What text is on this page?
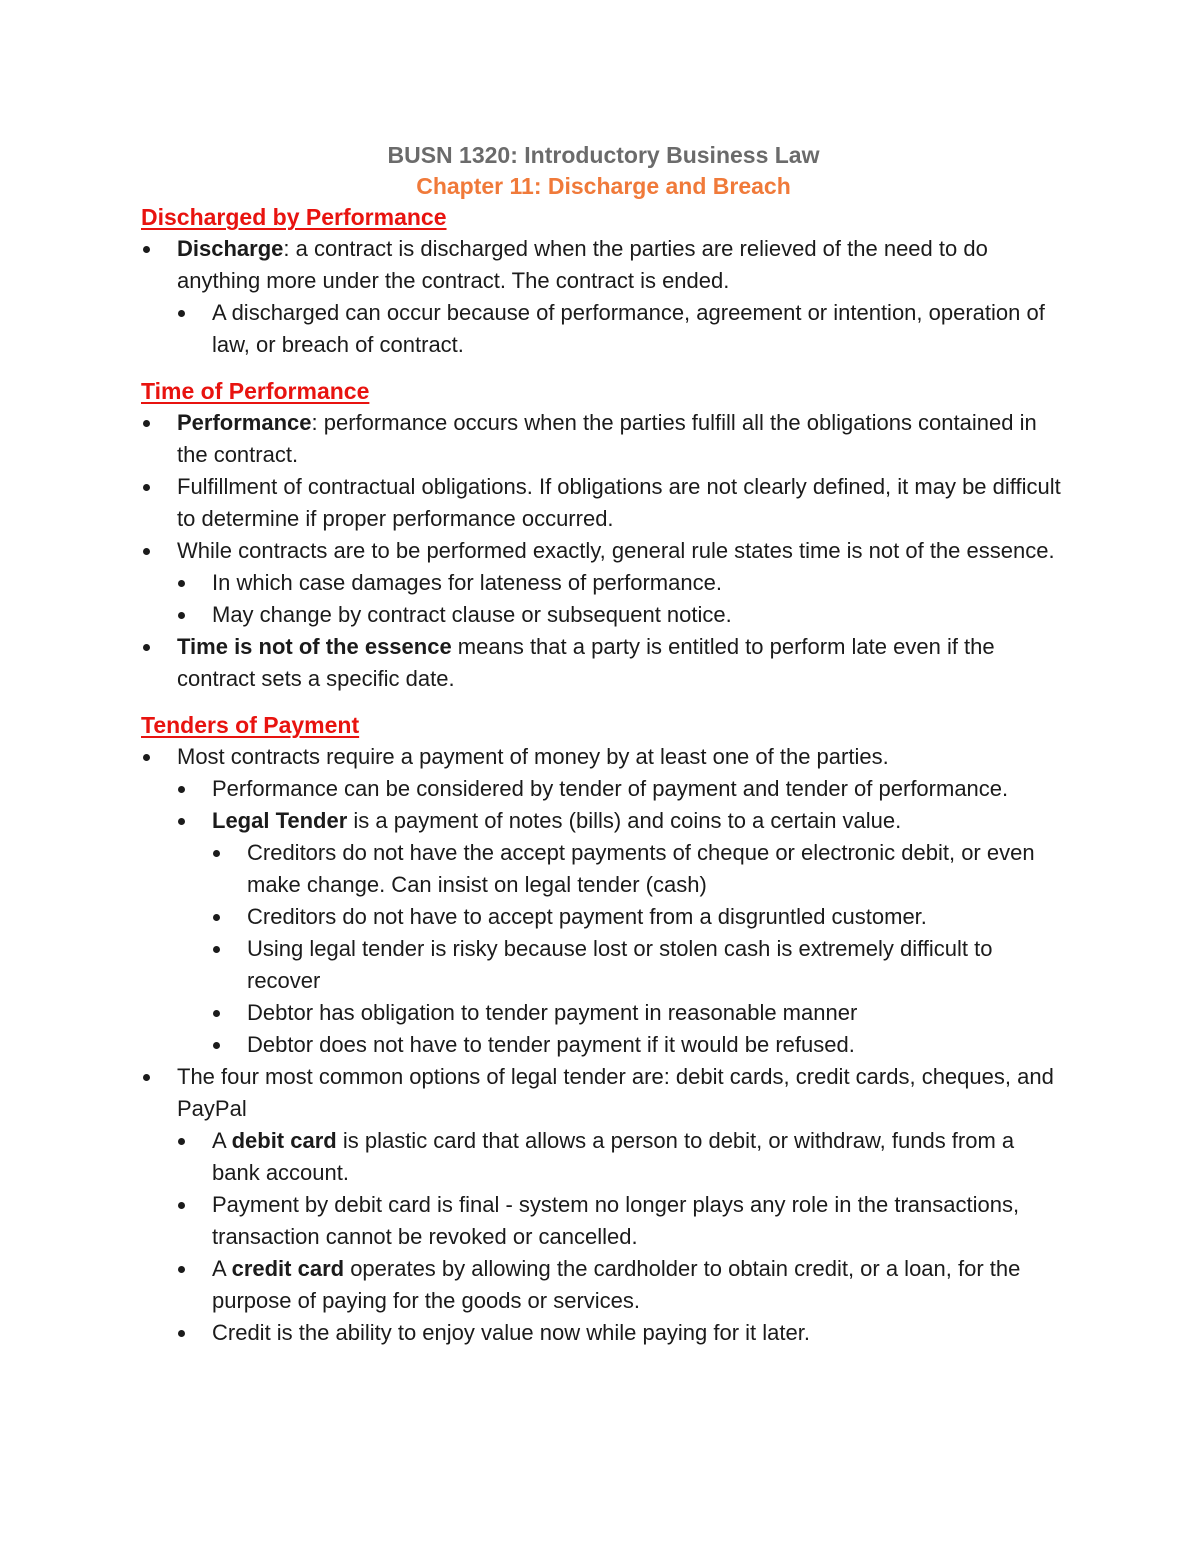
BUSN 1320: Introductory Business Law
Chapter 11: Discharge and Breach
Discharged by Performance
Discharge: a contract is discharged when the parties are relieved of the need to do anything more under the contract. The contract is ended.
A discharged can occur because of performance, agreement or intention, operation of law, or breach of contract.
Time of Performance
Performance: performance occurs when the parties fulfill all the obligations contained in the contract.
Fulfillment of contractual obligations. If obligations are not clearly defined, it may be difficult to determine if proper performance occurred.
While contracts are to be performed exactly, general rule states time is not of the essence.
In which case damages for lateness of performance.
May change by contract clause or subsequent notice.
Time is not of the essence means that a party is entitled to perform late even if the contract sets a specific date.
Tenders of Payment
Most contracts require a payment of money by at least one of the parties.
Performance can be considered by tender of payment and tender of performance.
Legal Tender is a payment of notes (bills) and coins to a certain value.
Creditors do not have the accept payments of cheque or electronic debit, or even make change. Can insist on legal tender (cash)
Creditors do not have to accept payment from a disgruntled customer.
Using legal tender is risky because lost or stolen cash is extremely difficult to recover
Debtor has obligation to tender payment in reasonable manner
Debtor does not have to tender payment if it would be refused.
The four most common options of legal tender are: debit cards, credit cards, cheques, and PayPal
A debit card is plastic card that allows a person to debit, or withdraw, funds from a bank account.
Payment by debit card is final - system no longer plays any role in the transactions, transaction cannot be revoked or cancelled.
A credit card operates by allowing the cardholder to obtain credit, or a loan, for the purpose of paying for the goods or services.
Credit is the ability to enjoy value now while paying for it later.
